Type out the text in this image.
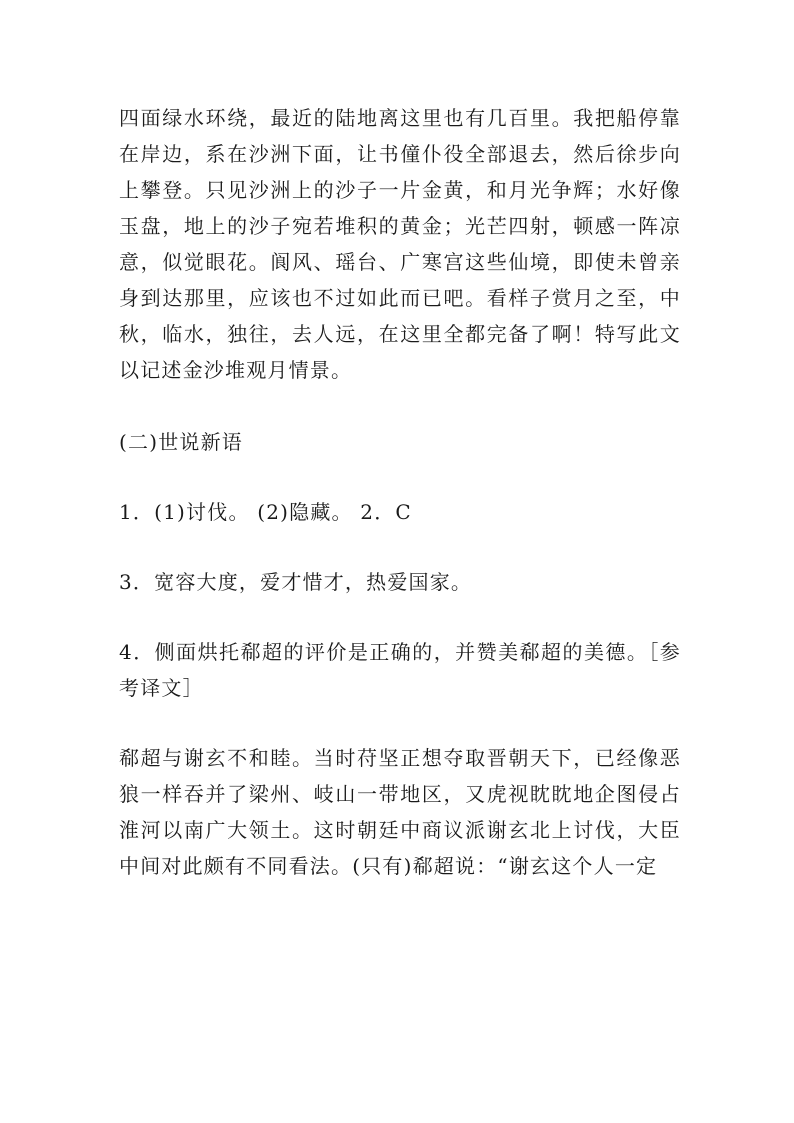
四面绿水环绕，最近的陆地离这里也有几百里。我把船停靠在岸边，系在沙洲下面，让书僮仆役全部退去，然后徐步向上攀登。只见沙洲上的沙子一片金黄，和月光争辉；水好像玉盘，地上的沙子宛若堆积的黄金；光芒四射，顿感一阵凉意，似觉眼花。阆风、瑶台、广寒宫这些仙境，即使未曾亲身到达那里，应该也不过如此而已吧。看样子赏月之至，中秋，临水，独往，去人远，在这里全都完备了啊！特写此文以记述金沙堆观月情景。

(二)世说新语

1．(1)讨伐。 (2)隐藏。 2．C

3．宽容大度，爱才惜才，热爱国家。

4．侧面烘托郗超的评价是正确的，并赞美郗超的美德。［参考译文］

郗超与谢玄不和睦。当时苻坚正想夺取晋朝天下，已经像恶狼一样吞并了梁州、岐山一带地区，又虎视眈眈地企图侵占淮河以南广大领土。这时朝廷中商议派谢玄北上讨伐，大臣中间对此颇有不同看法。(只有)郗超说：“谢玄这个人一定
